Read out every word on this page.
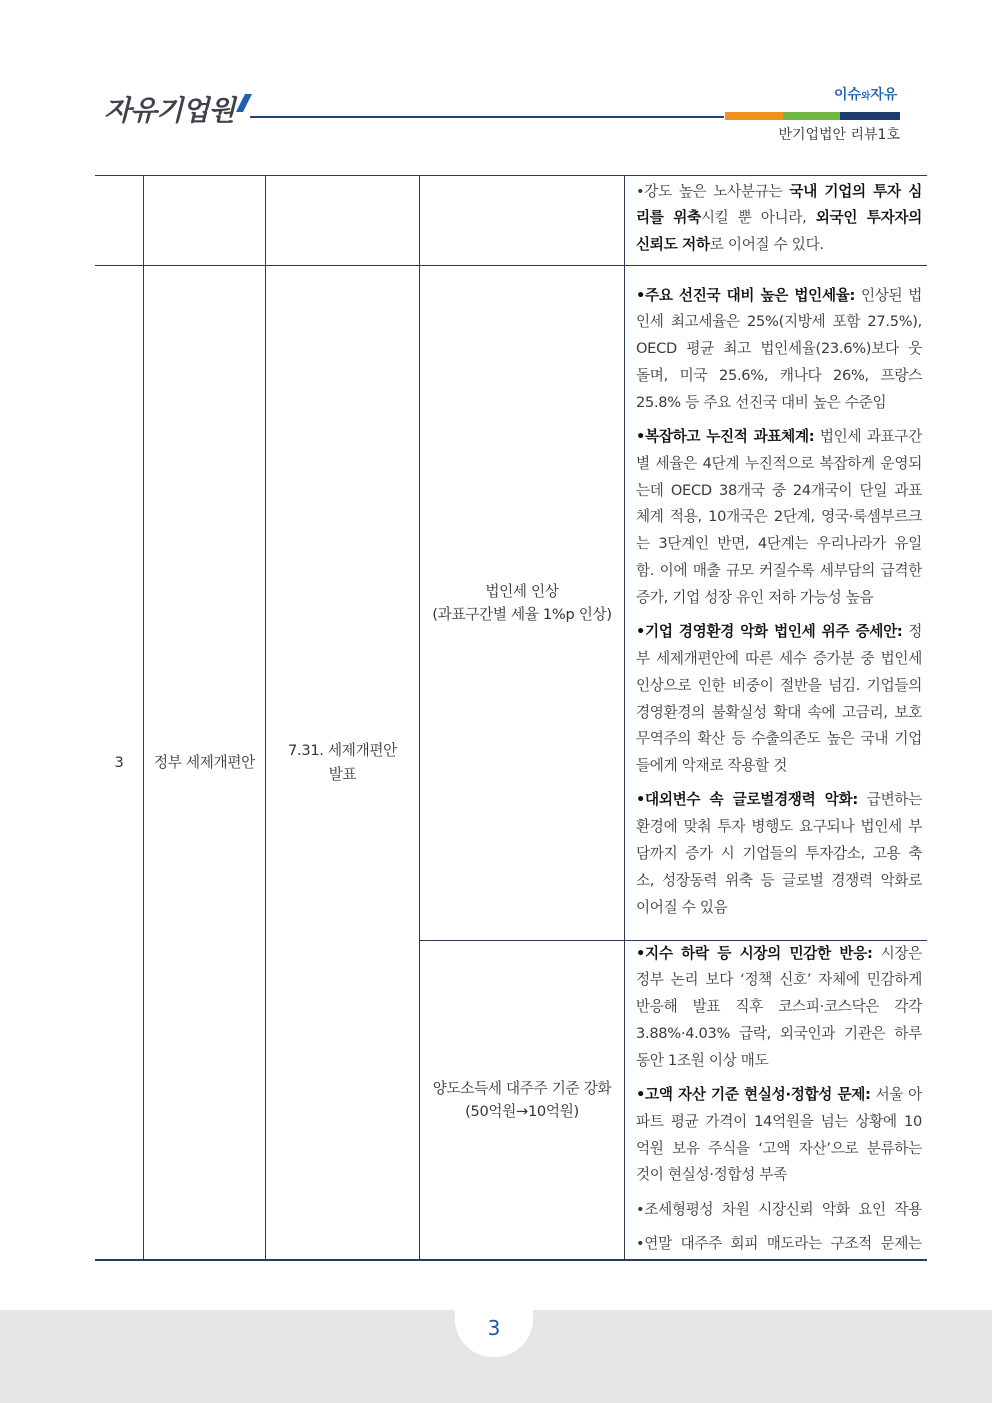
자유기업원	이슈와자유
반기업법안 리뷰1호
•강도 높은 노사분규는 국내 기업의 투자 심
리를 위축시킬 뿐 아니라, 외국인 투자자의
신뢰도 저하로 이어질 수 있다.
3 정부 세제개편안
7.31. 세제개편안
발표
법인세 인상
(과표구간별 세율 1%p 인상)
•주요 선진국 대비 높은 법인세율: 인상된 법
인세 최고세율은 25%(지방세 포함 27.5%),
OECD 평균 최고 법인세율(23.6%)보다 웃
돌며, 미국 25.6%, 캐나다 26%, 프랑스
25.8% 등 주요 선진국 대비 높은 수준임
•복잡하고 누진적 과표체계: 법인세 과표구간
별 세율은 4단계 누진적으로 복잡하게 운영되
는데 OECD 38개국 중 24개국이 단일 과표
체계 적용, 10개국은 2단계, 영국·룩셈부르크
는 3단계인 반면, 4단계는 우리나라가 유일
함. 이에 매출 규모 커질수록 세부담의 급격한
증가, 기업 성장 유인 저하 가능성 높음
•기업 경영환경 악화 법인세 위주 증세안: 정
부 세제개편안에 따른 세수 증가분 중 법인세
인상으로 인한 비중이 절반을 넘김. 기업들의
경영환경의 불확실성 확대 속에 고금리, 보호
무역주의 확산 등 수출의존도 높은 국내 기업
들에게 악재로 작용할 것
•대외변수 속 글로벌경쟁력 악화: 급변하는
환경에 맞춰 투자 병행도 요구되나 법인세 부
담까지 증가 시 기업들의 투자감소, 고용 축
소, 성장동력 위축 등 글로벌 경쟁력 악화로
이어질 수 있음
양도소득세 대주주 기준 강화
(50억원→10억원)
•지수 하락 등 시장의 민감한 반응: 시장은
정부 논리 보다 ‘정책 신호’ 자체에 민감하게
반응해 발표 직후 코스피·코스닥은 각각
3.88%·4.03% 급락, 외국인과 기관은 하루
동안 1조원 이상 매도
•고액 자산 기준 현실성·정합성 문제: 서울 아
파트 평균 가격이 14억원을 넘는 상황에 10
억원 보유 주식을 ‘고액 자산’으로 분류하는
것이 현실성·정합성 부족
•조세형평성 차원 시장신뢰 악화 요인 작용
•연말 대주주 회피 매도라는 구조적 문제는
3
